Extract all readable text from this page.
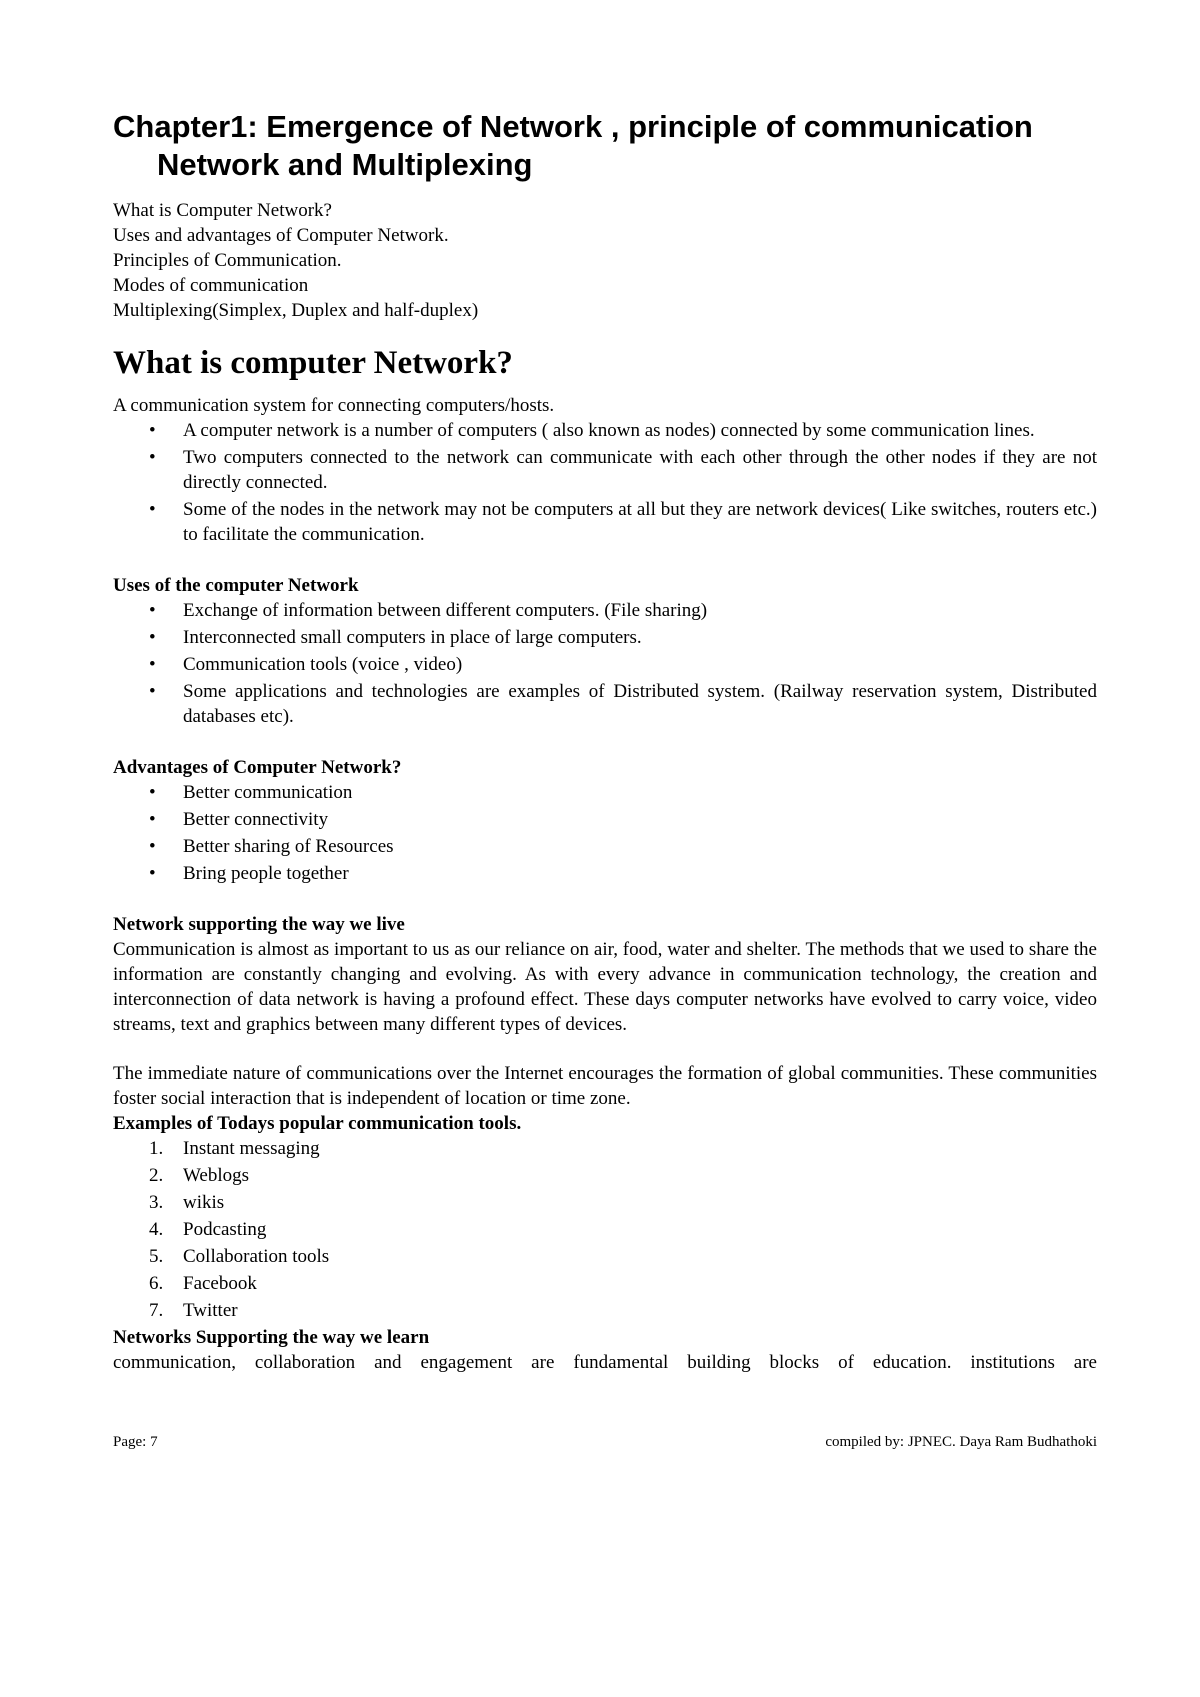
Chapter1: Emergence of Network , principle of communication
Network and Multiplexing
What is Computer Network?
Uses and advantages of Computer Network.
Principles of Communication.
Modes of communication
Multiplexing(Simplex, Duplex and half-duplex)
What is computer Network?

A communication system for connecting computers/hosts.

•	A computer network is a number of computers ( also known as nodes) connected by some communication lines.
•	Two computers connected to the network can communicate with each other through the other nodes if they are not directly connected.
•	Some of the nodes in the network may not be computers at all but they are network devices( Like switches, routers etc.) to facilitate the communication.
Uses of the computer Network
•	Exchange of information between different computers. (File sharing)
•	Interconnected small computers in place of large computers.
•	Communication tools (voice , video)
•	Some applications and technologies are examples of Distributed system. (Railway reservation system, Distributed databases etc).
Advantages of Computer Network?
•	Better communication
•	Better connectivity
•	Better sharing of Resources
•	Bring people together
Network supporting the way we live

Communication is almost as important to us as our reliance on air, food, water and shelter. The methods that we used to share the information are constantly changing and evolving. As with every advance in communication technology, the creation and interconnection of data network is having a profound effect. These days computer networks have evolved to carry voice, video streams, text and graphics between many different types of devices.

The immediate nature of communications over the Internet encourages the formation of global communities. These communities foster social interaction that is independent of location or time zone.

Examples of Todays popular communication tools.
1.	Instant messaging
2.	Weblogs
3.	wikis
4.	Podcasting
5.	Collaboration tools
6.	Facebook
7.	Twitter
Networks Supporting the way we learn

communication, collaboration and engagement are fundamental building blocks of education. institutions are

Page: 7	compiled by: JPNEC. Daya Ram Budhathoki
